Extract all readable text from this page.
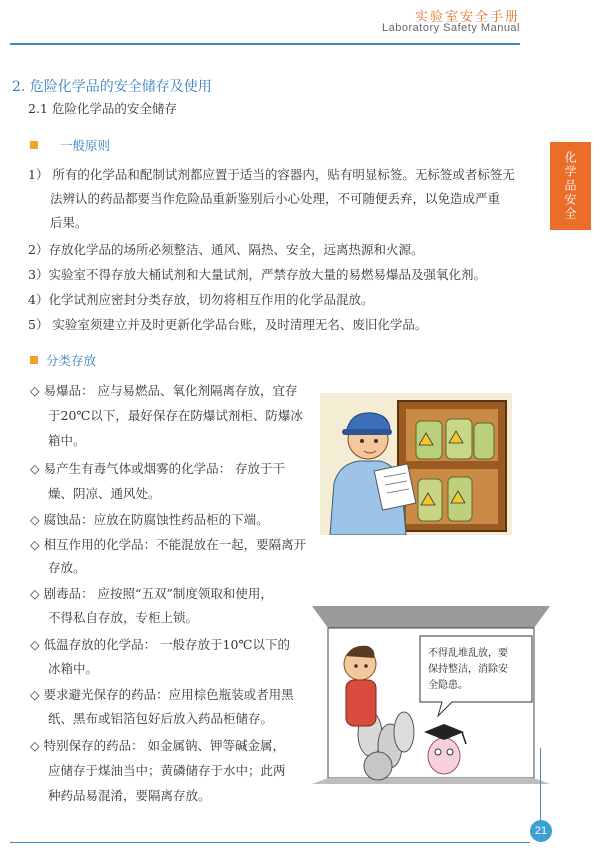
实验室安全手册
Laboratory Safety Manual
化学品安全
2. 危险化学品的安全储存及使用
2.1 危险化学品的安全储存
一般原则
1） 所有的化学品和配制试剂都应置于适当的容器内，贴有明显标签。无标签或者标签无
法辨认的药品都要当作危险品重新鉴别后小心处理，不可随便丢弃，以免造成严重
后果。
2）存放化学品的场所必须整洁、通风、隔热、安全，远离热源和火源。
3）实验室不得存放大桶试剂和大量试剂，严禁存放大量的易燃易爆品及强氧化剂。
4）化学试剂应密封分类存放，切勿将相互作用的化学品混放。
5） 实验室须建立并及时更新化学品台账，及时清理无名、废旧化学品。
分类存放
◇ 易爆品： 应与易燃品、氧化剂隔离存放，宜存
于20℃以下，最好保存在防爆试剂柜、防爆冰
箱中。
◇ 易产生有毒气体或烟雾的化学品： 存放于干
燥、阴凉、通风处。
◇ 腐蚀品：应放在防腐蚀性药品柜的下端。
◇ 相互作用的化学品：不能混放在一起，要隔离开
存放。
◇ 剧毒品： 应按照“五双”制度领取和使用，
不得私自存放，专柜上锁。
◇ 低温存放的化学品： 一般存放于10℃以下的
冰箱中。
◇ 要求避光保存的药品：应用棕色瓶装或者用黑
纸、黑布或铝箔包好后放入药品柜储存。
◇ 特别保存的药品： 如金属钠、钾等碱金属，
应储存于煤油当中；黄磷储存于水中；此两
种药品易混淆，要隔离存放。
不得乱堆乱放，要
保持整洁，消除安
全隐患。
21
